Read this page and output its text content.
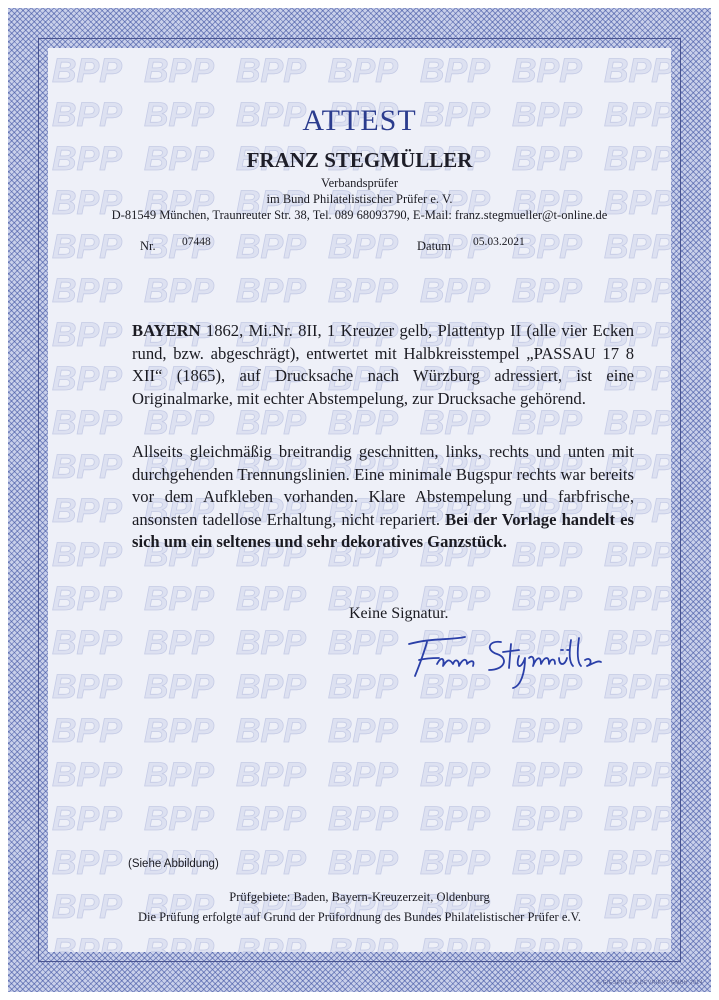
ATTEST
FRANZ STEGMÜLLER
Verbandsprüfer
im Bund Philatelistischer Prüfer e. V.
D-81549 München, Traunreuter Str. 38, Tel. 089 68093790, E-Mail: franz.stegmueller@t-online.de
Nr. 07448	Datum 05.03.2021

BAYERN 1862, Mi.Nr. 8II, 1 Kreuzer gelb, Plattentyp II (alle vier Ecken rund, bzw. abgeschrägt), entwertet mit Halbkreisstempel „PASSAU 17 8 XII“ (1865), auf Drucksache nach Würzburg adressiert, ist eine Originalmarke, mit echter Abstempelung, zur Drucksache gehörend.

Allseits gleichmäßig breitrandig geschnitten, links, rechts und unten mit durchgehenden Trennungslinien. Eine minimale Bugspur rechts war bereits vor dem Aufkleben vorhanden. Klare Abstempelung und farbfrische, ansonsten tadellose Erhaltung, nicht repariert. Bei der Vorlage handelt es sich um ein seltenes und sehr dekoratives Ganzstück.

Keine Signatur.
(Siehe Abbildung)
Prüfgebiete: Baden, Bayern-Kreuzerzeit, Oldenburg
Die Prüfung erfolgte auf Grund der Prüfordnung des Bundes Philatelistischer Prüfer e.V.
© GIESECKE & DEVRIENT GMBH 2014
